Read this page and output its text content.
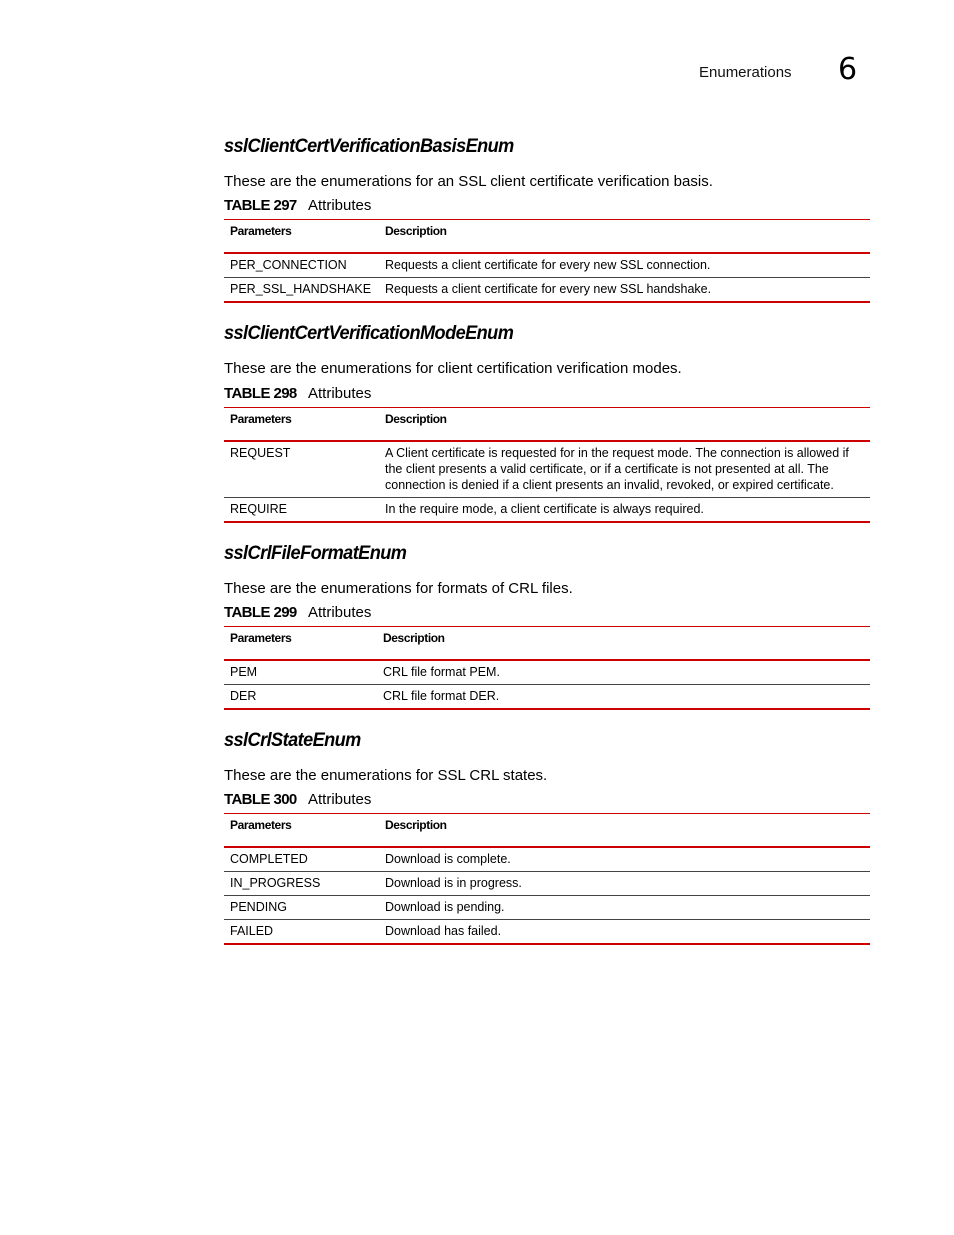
Enumerations 6
sslClientCertVerificationBasisEnum

These are the enumerations for an SSL client certificate verification basis.

TABLE 297 Attributes
Parameters	Description
PER_CONNECTION	Requests a client certificate for every new SSL connection.
PER_SSL_HANDSHAKE	Requests a client certificate for every new SSL handshake.
sslClientCertVerificationModeEnum

These are the enumerations for client certification verification modes.

TABLE 298 Attributes
Parameters	Description
REQUEST	A Client certificate is requested for in the request mode. The connection is allowed if the client presents a valid certificate, or if a certificate is not presented at all. The connection is denied if a client presents an invalid, revoked, or expired certificate.
REQUIRE	In the require mode, a client certificate is always required.
sslCrlFileFormatEnum

These are the enumerations for formats of CRL files.

TABLE 299 Attributes
Parameters	Description
PEM	CRL file format PEM.
DER	CRL file format DER.
sslCrlStateEnum

These are the enumerations for SSL CRL states.

TABLE 300 Attributes
Parameters	Description
COMPLETED	Download is complete.
IN_PROGRESS	Download is in progress.
PENDING	Download is pending.
FAILED	Download has failed.
